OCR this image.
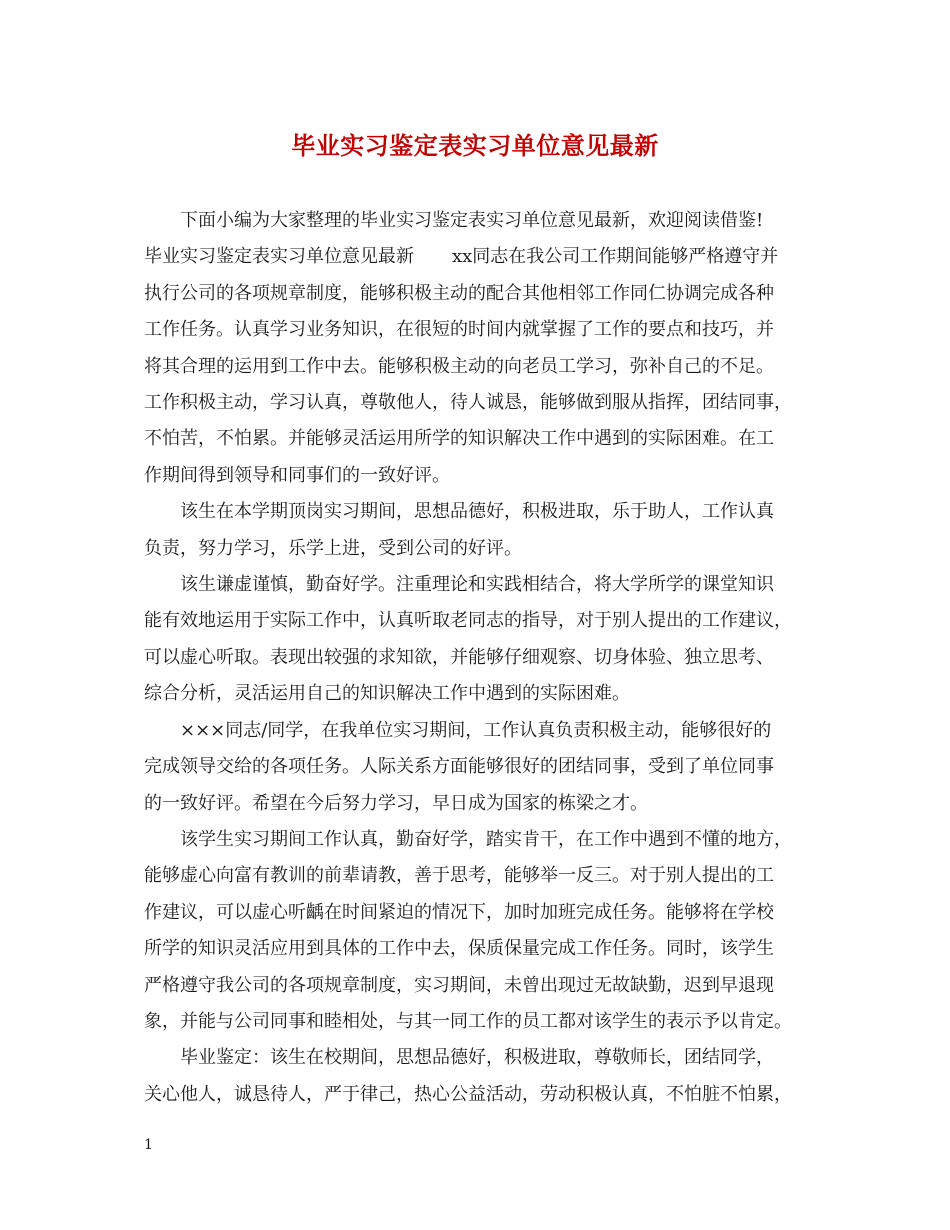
毕业实习鉴定表实习单位意见最新
下面小编为大家整理的毕业实习鉴定表实习单位意见最新，欢迎阅读借鉴!
毕业实习鉴定表实习单位意见最新 xx同志在我公司工作期间能够严格遵守并
执行公司的各项规章制度，能够积极主动的配合其他相邻工作同仁协调完成各种
工作任务。认真学习业务知识，在很短的时间内就掌握了工作的要点和技巧，并
将其合理的运用到工作中去。能够积极主动的向老员工学习，弥补自己的不足。
工作积极主动，学习认真，尊敬他人，待人诚恳，能够做到服从指挥，团结同事，
不怕苦，不怕累。并能够灵活运用所学的知识解决工作中遇到的实际困难。在工
作期间得到领导和同事们的一致好评。
该生在本学期顶岗实习期间，思想品德好，积极进取，乐于助人，工作认真
负责，努力学习，乐学上进，受到公司的好评。
该生谦虚谨慎，勤奋好学。注重理论和实践相结合，将大学所学的课堂知识
能有效地运用于实际工作中，认真听取老同志的指导，对于别人提出的工作建议，
可以虚心听取。表现出较强的求知欲，并能够仔细观察、切身体验、独立思考、
综合分析，灵活运用自己的知识解决工作中遇到的实际困难。
×××同志/同学，在我单位实习期间，工作认真负责积极主动，能够很好的
完成领导交给的各项任务。人际关系方面能够很好的团结同事，受到了单位同事
的一致好评。希望在今后努力学习，早日成为国家的栋梁之才。
该学生实习期间工作认真，勤奋好学，踏实肯干，在工作中遇到不懂的地方，
能够虚心向富有教训的前辈请教，善于思考，能够举一反三。对于别人提出的工
作建议，可以虚心听齲在时间紧迫的情况下，加时加班完成任务。能够将在学校
所学的知识灵活应用到具体的工作中去，保质保量完成工作任务。同时，该学生
严格遵守我公司的各项规章制度，实习期间，未曾出现过无故缺勤，迟到早退现
象，并能与公司同事和睦相处，与其一同工作的员工都对该学生的表示予以肯定。
毕业鉴定：该生在校期间，思想品德好，积极进取，尊敬师长，团结同学，
关心他人，诚恳待人，严于律己，热心公益活动，劳动积极认真，不怕脏不怕累，
1
